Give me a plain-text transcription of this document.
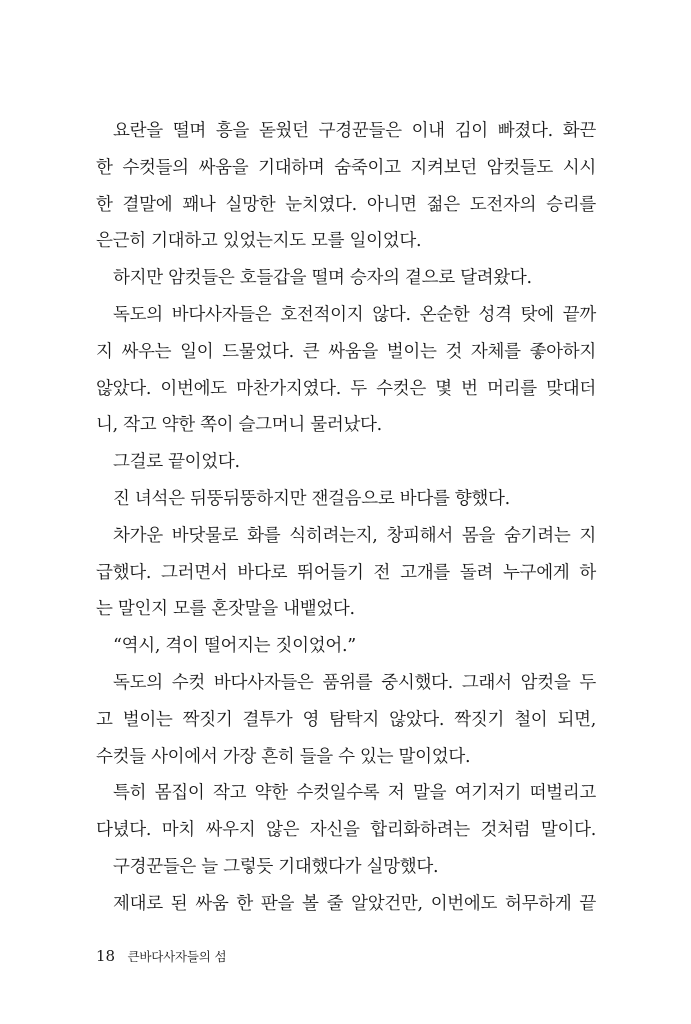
요란을 떨며 흥을 돋웠던 구경꾼들은 이내 김이 빠졌다. 화끈
한 수컷들의 싸움을 기대하며 숨죽이고 지켜보던 암컷들도 시시
한 결말에 꽤나 실망한 눈치였다. 아니면 젊은 도전자의 승리를
은근히 기대하고 있었는지도 모를 일이었다.
하지만 암컷들은 호들갑을 떨며 승자의 곁으로 달려왔다.
독도의 바다사자들은 호전적이지 않다. 온순한 성격 탓에 끝까
지 싸우는 일이 드물었다. 큰 싸움을 벌이는 것 자체를 좋아하지
않았다. 이번에도 마찬가지였다. 두 수컷은 몇 번 머리를 맞대더
니, 작고 약한 쪽이 슬그머니 물러났다.
그걸로 끝이었다.
진 녀석은 뒤뚱뒤뚱하지만 잰걸음으로 바다를 향했다.
차가운 바닷물로 화를 식히려는지, 창피해서 몸을 숨기려는 지
급했다. 그러면서 바다로 뛰어들기 전 고개를 돌려 누구에게 하
는 말인지 모를 혼잣말을 내뱉었다.
“역시, 격이 떨어지는 짓이었어.”
독도의 수컷 바다사자들은 품위를 중시했다. 그래서 암컷을 두
고 벌이는 짝짓기 결투가 영 탐탁지 않았다. 짝짓기 철이 되면,
수컷들 사이에서 가장 흔히 들을 수 있는 말이었다.
특히 몸집이 작고 약한 수컷일수록 저 말을 여기저기 떠벌리고
다녔다. 마치 싸우지 않은 자신을 합리화하려는 것처럼 말이다.
구경꾼들은 늘 그렇듯 기대했다가 실망했다.
제대로 된 싸움 한 판을 볼 줄 알았건만, 이번에도 허무하게 끝
18 큰바다사자들의 섬
